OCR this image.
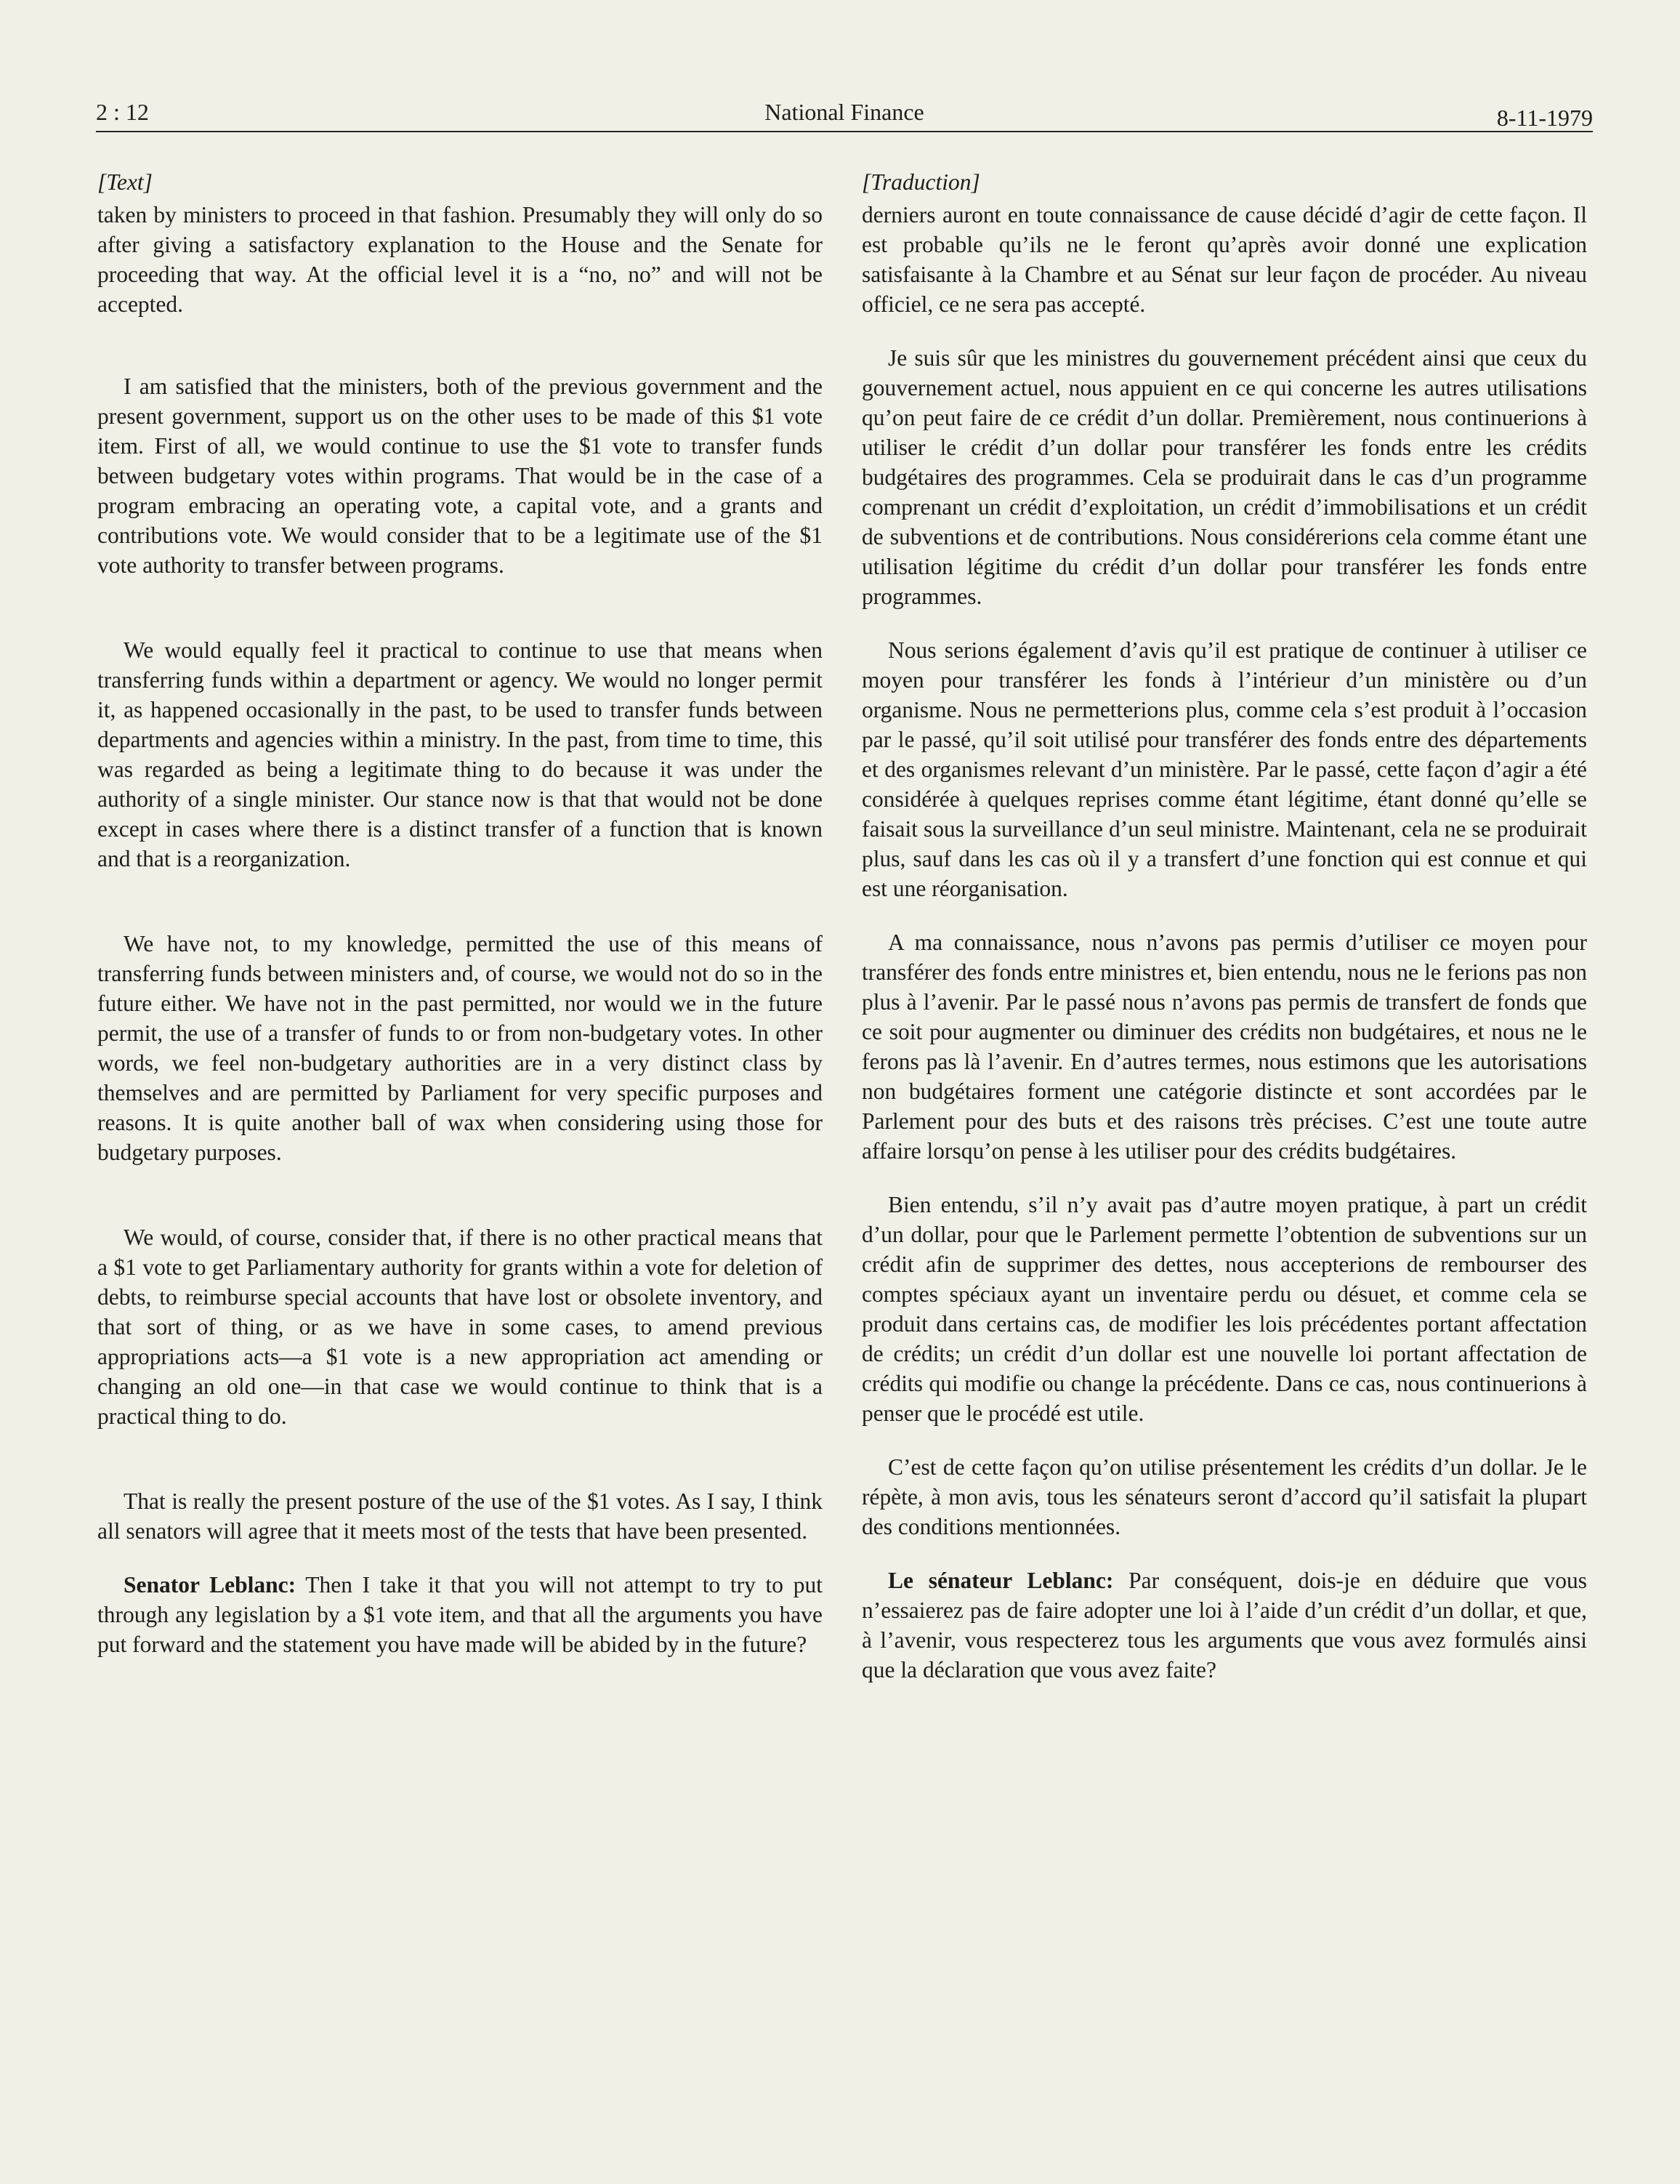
2 : 12	National Finance	8-11-1979
[Text]

taken by ministers to proceed in that fashion. Presumably they will only do so after giving a satisfactory explanation to the House and the Senate for proceeding that way. At the official level it is a “no, no” and will not be accepted.

I am satisfied that the ministers, both of the previous government and the present government, support us on the other uses to be made of this $1 vote item. First of all, we would continue to use the $1 vote to transfer funds between budgetary votes within programs. That would be in the case of a program embracing an operating vote, a capital vote, and a grants and contributions vote. We would consider that to be a legitimate use of the $1 vote authority to transfer between programs.

We would equally feel it practical to continue to use that means when transferring funds within a department or agency. We would no longer permit it, as happened occasionally in the past, to be used to transfer funds between departments and agencies within a ministry. In the past, from time to time, this was regarded as being a legitimate thing to do because it was under the authority of a single minister. Our stance now is that that would not be done except in cases where there is a distinct transfer of a function that is known and that is a reorganization.

We have not, to my knowledge, permitted the use of this means of transferring funds between ministers and, of course, we would not do so in the future either. We have not in the past permitted, nor would we in the future permit, the use of a transfer of funds to or from non-budgetary votes. In other words, we feel non-budgetary authorities are in a very distinct class by themselves and are permitted by Parliament for very specific purposes and reasons. It is quite another ball of wax when considering using those for budgetary purposes.

We would, of course, consider that, if there is no other practical means that a $1 vote to get Parliamentary authority for grants within a vote for deletion of debts, to reimburse special accounts that have lost or obsolete inventory, and that sort of thing, or as we have in some cases, to amend previous appropriations acts—a $1 vote is a new appropriation act amending or changing an old one—in that case we would continue to think that is a practical thing to do.

That is really the present posture of the use of the $1 votes. As I say, I think all senators will agree that it meets most of the tests that have been presented.

Senator Leblanc: Then I take it that you will not attempt to try to put through any legislation by a $1 vote item, and that all the arguments you have put forward and the statement you have made will be abided by in the future?

[Traduction]

derniers auront en toute connaissance de cause décidé d’agir de cette façon. Il est probable qu’ils ne le feront qu’après avoir donné une explication satisfaisante à la Chambre et au Sénat sur leur façon de procéder. Au niveau officiel, ce ne sera pas accepté.

Je suis sûr que les ministres du gouvernement précédent ainsi que ceux du gouvernement actuel, nous appuient en ce qui concerne les autres utilisations qu’on peut faire de ce crédit d’un dollar. Premièrement, nous continuerions à utiliser le crédit d’un dollar pour transférer les fonds entre les crédits budgétaires des programmes. Cela se produirait dans le cas d’un programme comprenant un crédit d’exploitation, un crédit d’immobilisations et un crédit de subventions et de contributions. Nous considérerions cela comme étant une utilisation légitime du crédit d’un dollar pour transférer les fonds entre programmes.

Nous serions également d’avis qu’il est pratique de continuer à utiliser ce moyen pour transférer les fonds à l’intérieur d’un ministère ou d’un organisme. Nous ne permetterions plus, comme cela s’est produit à l’occasion par le passé, qu’il soit utilisé pour transférer des fonds entre des départements et des organismes relevant d’un ministère. Par le passé, cette façon d’agir a été considérée à quelques reprises comme étant légitime, étant donné qu’elle se faisait sous la surveillance d’un seul ministre. Maintenant, cela ne se produirait plus, sauf dans les cas où il y a transfert d’une fonction qui est connue et qui est une réorganisation.

A ma connaissance, nous n’avons pas permis d’utiliser ce moyen pour transférer des fonds entre ministres et, bien entendu, nous ne le ferions pas non plus à l’avenir. Par le passé nous n’avons pas permis de transfert de fonds que ce soit pour augmenter ou diminuer des crédits non budgétaires, et nous ne le ferons pas là l’avenir. En d’autres termes, nous estimons que les autorisations non budgétaires forment une catégorie distincte et sont accordées par le Parlement pour des buts et des raisons très précises. C’est une toute autre affaire lorsqu’on pense à les utiliser pour des crédits budgétaires.

Bien entendu, s’il n’y avait pas d’autre moyen pratique, à part un crédit d’un dollar, pour que le Parlement permette l’obtention de subventions sur un crédit afin de supprimer des dettes, nous accepterions de rembourser des comptes spéciaux ayant un inventaire perdu ou désuet, et comme cela se produit dans certains cas, de modifier les lois précédentes portant affectation de crédits; un crédit d’un dollar est une nouvelle loi portant affectation de crédits qui modifie ou change la précédente. Dans ce cas, nous continuerions à penser que le procédé est utile.

C’est de cette façon qu’on utilise présentement les crédits d’un dollar. Je le répète, à mon avis, tous les sénateurs seront d’accord qu’il satisfait la plupart des conditions mentionnées.

Le sénateur Leblanc: Par conséquent, dois-je en déduire que vous n’essaierez pas de faire adopter une loi à l’aide d’un crédit d’un dollar, et que, à l’avenir, vous respecterez tous les arguments que vous avez formulés ainsi que la déclaration que vous avez faite?
